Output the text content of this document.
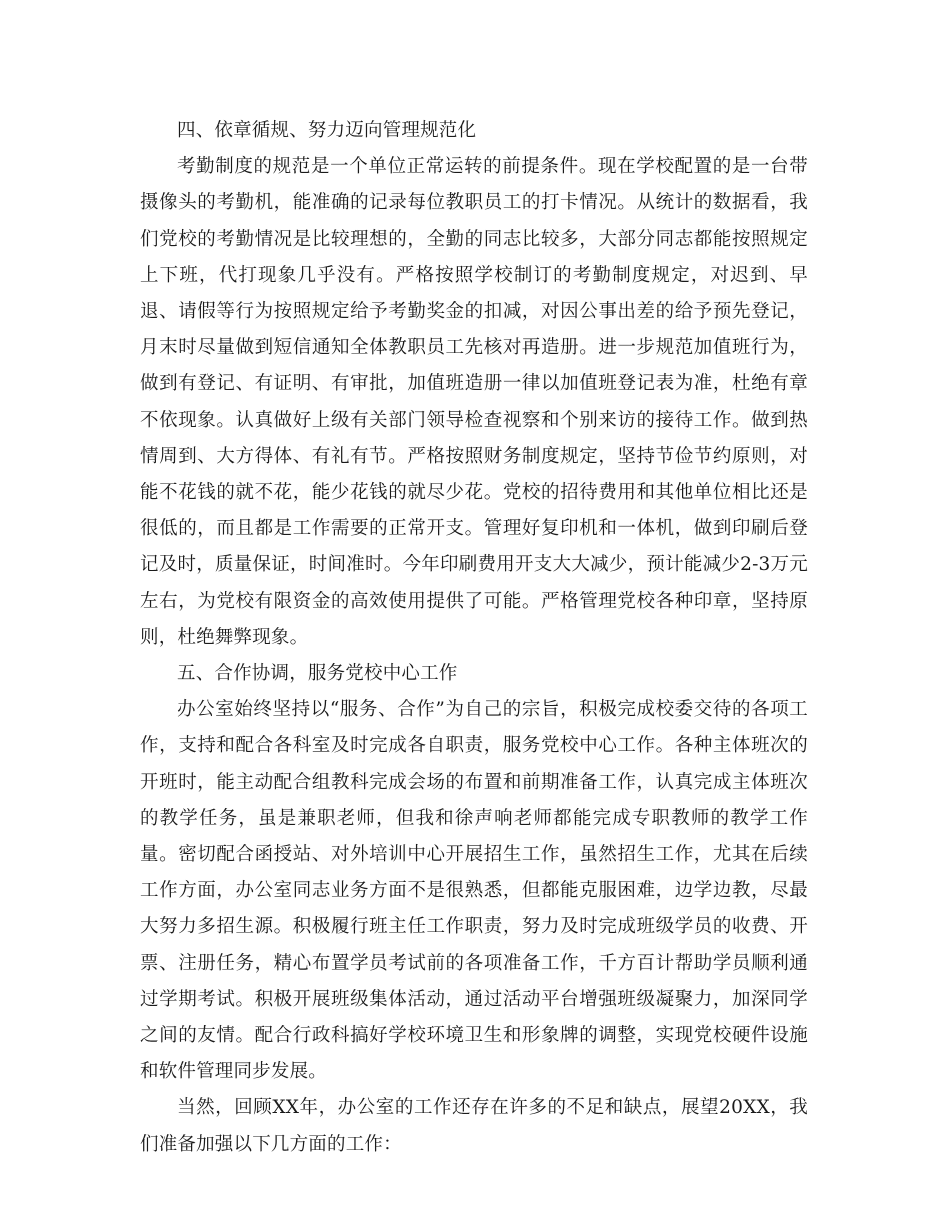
四、依章循规、努力迈向管理规范化

考勤制度的规范是一个单位正常运转的前提条件。现在学校配置的是一台带摄像头的考勤机，能准确的记录每位教职员工的打卡情况。从统计的数据看，我们党校的考勤情况是比较理想的，全勤的同志比较多，大部分同志都能按照规定上下班，代打现象几乎没有。严格按照学校制订的考勤制度规定，对迟到、早退、请假等行为按照规定给予考勤奖金的扣减，对因公事出差的给予预先登记，月末时尽量做到短信通知全体教职员工先核对再造册。进一步规范加值班行为，做到有登记、有证明、有审批，加值班造册一律以加值班登记表为准，杜绝有章不依现象。认真做好上级有关部门领导检查视察和个别来访的接待工作。做到热情周到、大方得体、有礼有节。严格按照财务制度规定，坚持节俭节约原则，对能不花钱的就不花，能少花钱的就尽少花。党校的招待费用和其他单位相比还是很低的，而且都是工作需要的正常开支。管理好复印机和一体机，做到印刷后登记及时，质量保证，时间准时。今年印刷费用开支大大减少，预计能减少2-3万元左右，为党校有限资金的高效使用提供了可能。严格管理党校各种印章，坚持原则，杜绝舞弊现象。

五、合作协调，服务党校中心工作

办公室始终坚持以“服务、合作”为自己的宗旨，积极完成校委交待的各项工作，支持和配合各科室及时完成各自职责，服务党校中心工作。各种主体班次的开班时，能主动配合组教科完成会场的布置和前期准备工作，认真完成主体班次的教学任务，虽是兼职老师，但我和徐声响老师都能完成专职教师的教学工作量。密切配合函授站、对外培训中心开展招生工作，虽然招生工作，尤其在后续工作方面，办公室同志业务方面不是很熟悉，但都能克服困难，边学边教，尽最大努力多招生源。积极履行班主任工作职责，努力及时完成班级学员的收费、开票、注册任务，精心布置学员考试前的各项准备工作，千方百计帮助学员顺利通过学期考试。积极开展班级集体活动，通过活动平台增强班级凝聚力，加深同学之间的友情。配合行政科搞好学校环境卫生和形象牌的调整，实现党校硬件设施和软件管理同步发展。

当然，回顾XX年，办公室的工作还存在许多的不足和缺点，展望20XX，我们准备加强以下几方面的工作：
